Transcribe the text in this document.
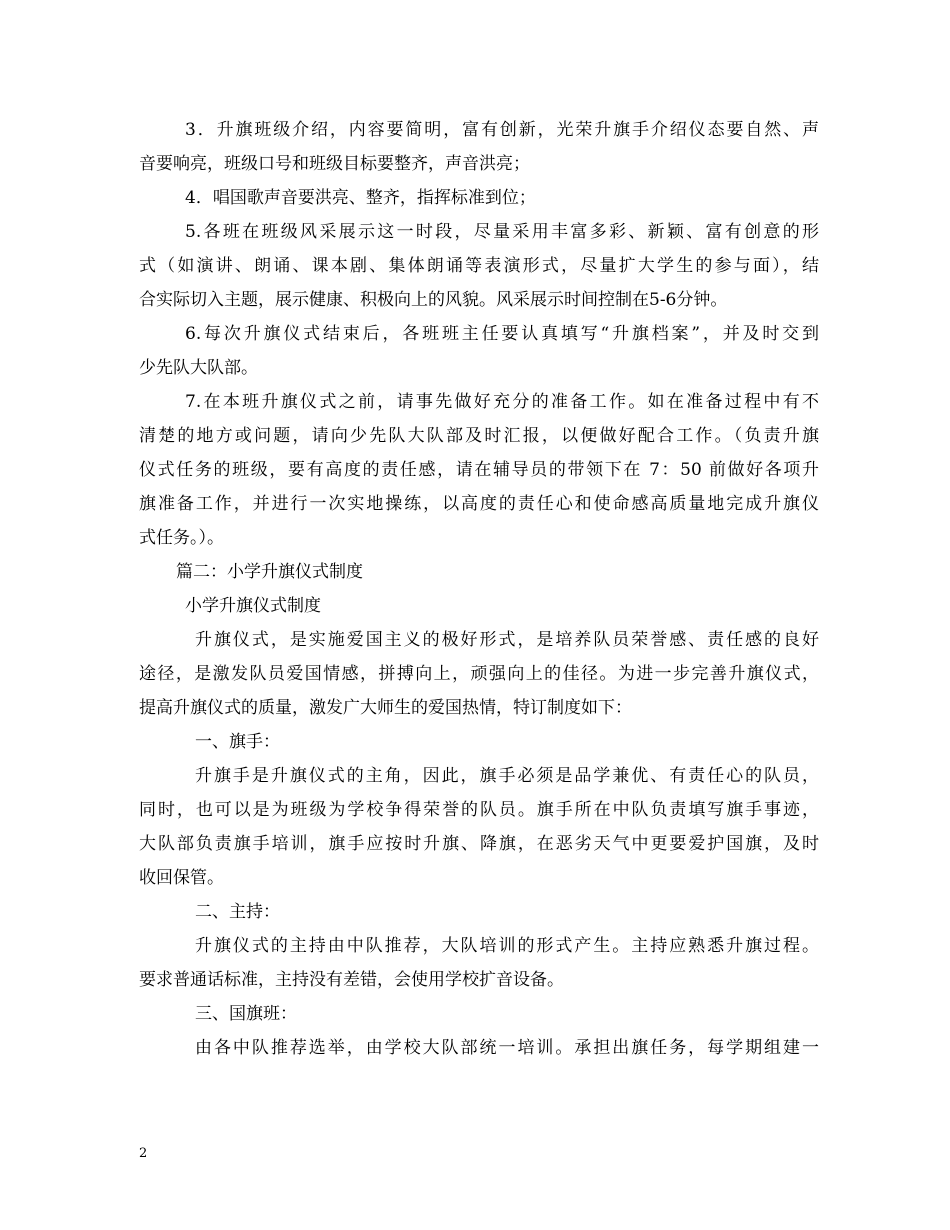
3．升旗班级介绍，内容要简明，富有创新，光荣升旗手介绍仪态要自然、声

音要响亮，班级口号和班级目标要整齐，声音洪亮；

4．唱国歌声音要洪亮、整齐，指挥标准到位；

5.各班在班级风采展示这一时段，尽量采用丰富多彩、新颖、富有创意的形

式（如演讲、朗诵、课本剧、集体朗诵等表演形式，尽量扩大学生的参与面），结

合实际切入主题，展示健康、积极向上的风貌。风采展示时间控制在5-6分钟。

6.每次升旗仪式结束后，各班班主任要认真填写“升旗档案”，并及时交到

少先队大队部。

7.在本班升旗仪式之前，请事先做好充分的准备工作。如在准备过程中有不

清楚的地方或问题，请向少先队大队部及时汇报，以便做好配合工作。（负责升旗

仪式任务的班级，要有高度的责任感，请在辅导员的带领下在 7：50 前做好各项升

旗准备工作，并进行一次实地操练，以高度的责任心和使命感高质量地完成升旗仪

式任务。）。

篇二：小学升旗仪式制度

小学升旗仪式制度

升旗仪式，是实施爱国主义的极好形式，是培养队员荣誉感、责任感的良好

途径，是激发队员爱国情感，拼搏向上，顽强向上的佳径。为进一步完善升旗仪式，

提高升旗仪式的质量，激发广大师生的爱国热情，特订制度如下：

一、旗手：

升旗手是升旗仪式的主角，因此，旗手必须是品学兼优、有责任心的队员，

同时，也可以是为班级为学校争得荣誉的队员。旗手所在中队负责填写旗手事迹，

大队部负责旗手培训，旗手应按时升旗、降旗，在恶劣天气中更要爱护国旗，及时

收回保管。

二、主持：

升旗仪式的主持由中队推荐，大队培训的形式产生。主持应熟悉升旗过程。

要求普通话标准，主持没有差错，会使用学校扩音设备。

三、国旗班：

由各中队推荐选举，由学校大队部统一培训。承担出旗任务，每学期组建一

2
